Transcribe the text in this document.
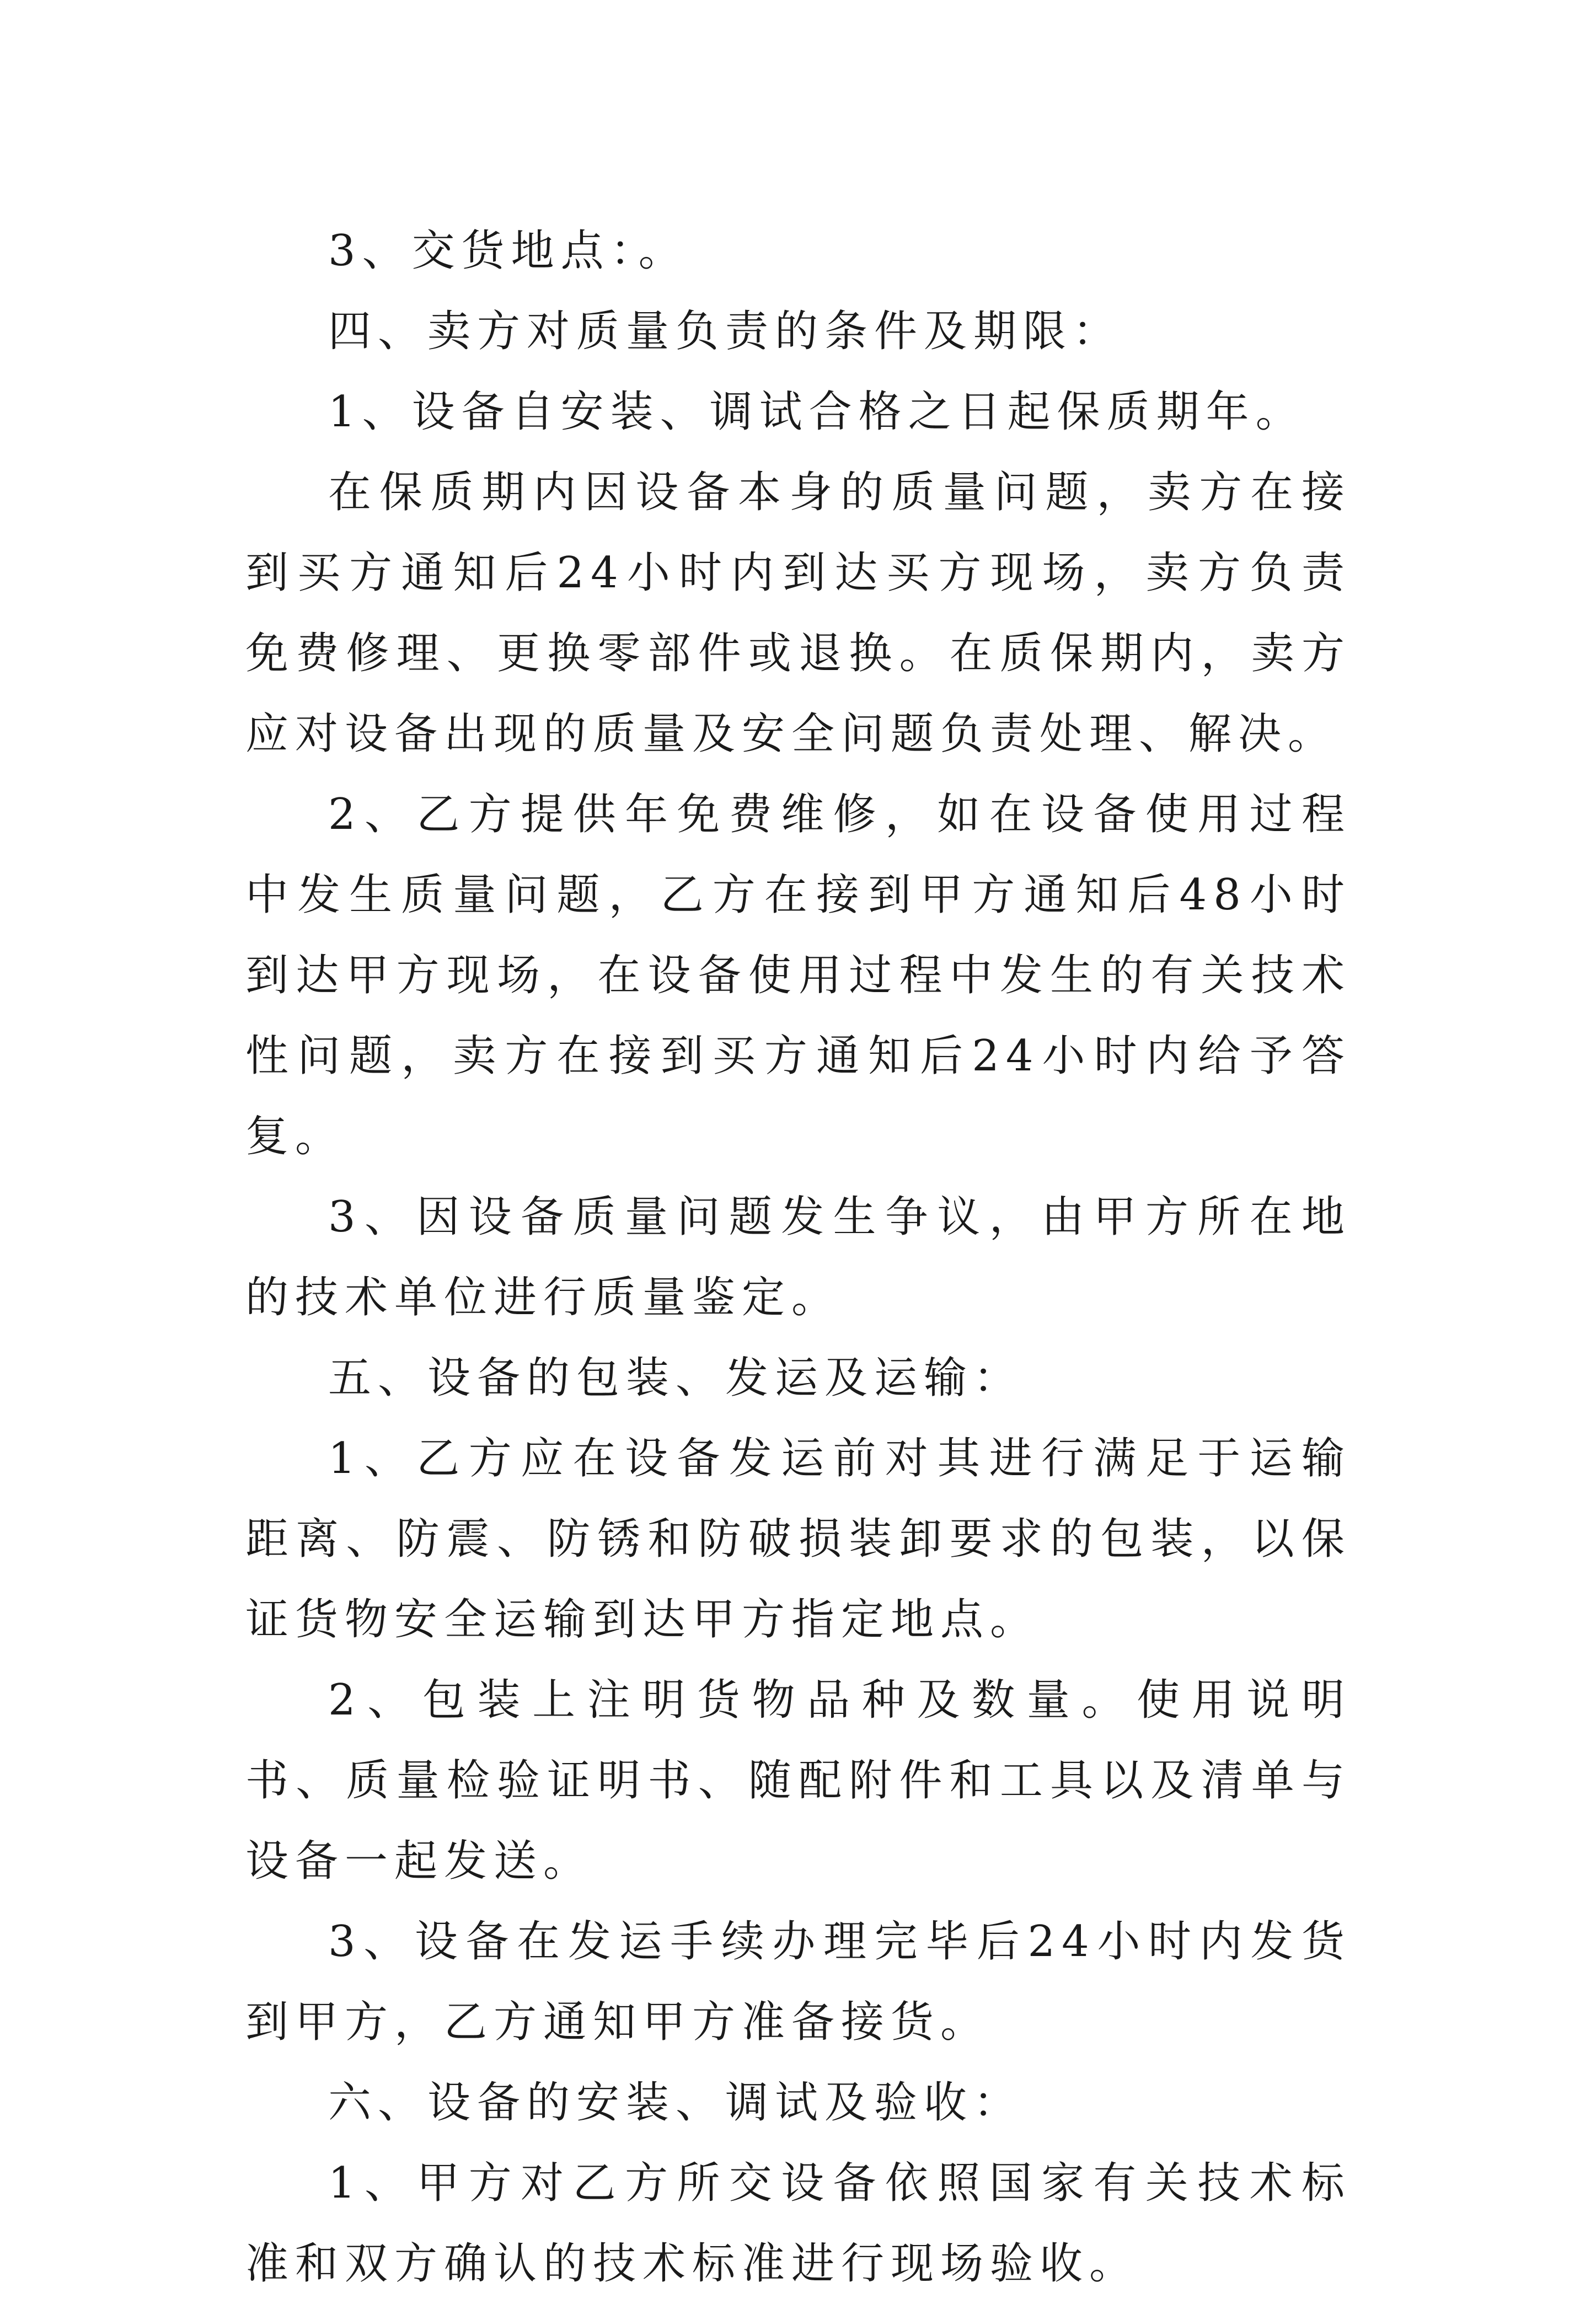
3、交货地点：。

四、卖方对质量负责的条件及期限：

1、设备自安装、调试合格之日起保质期年。

在保质期内因设备本身的质量问题，卖方在接到买方通知后24小时内到达买方现场，卖方负责免费修理、更换零部件或退换。在质保期内，卖方应对设备出现的质量及安全问题负责处理、解决。

2、乙方提供年免费维修，如在设备使用过程中发生质量问题，乙方在接到甲方通知后48小时到达甲方现场，在设备使用过程中发生的有关技术性问题，卖方在接到买方通知后24小时内给予答复。

3、因设备质量问题发生争议，由甲方所在地的技术单位进行质量鉴定。

五、设备的包装、发运及运输：

1、乙方应在设备发运前对其进行满足于运输距离、防震、防锈和防破损装卸要求的包装，以保证货物安全运输到达甲方指定地点。

2、包装上注明货物品种及数量。使用说明书、质量检验证明书、随配附件和工具以及清单与设备一起发送。

3、设备在发运手续办理完毕后24小时内发货到甲方，乙方通知甲方准备接货。

六、设备的安装、调试及验收：

1、甲方对乙方所交设备依照国家有关技术标准和双方确认的技术标准进行现场验收。
